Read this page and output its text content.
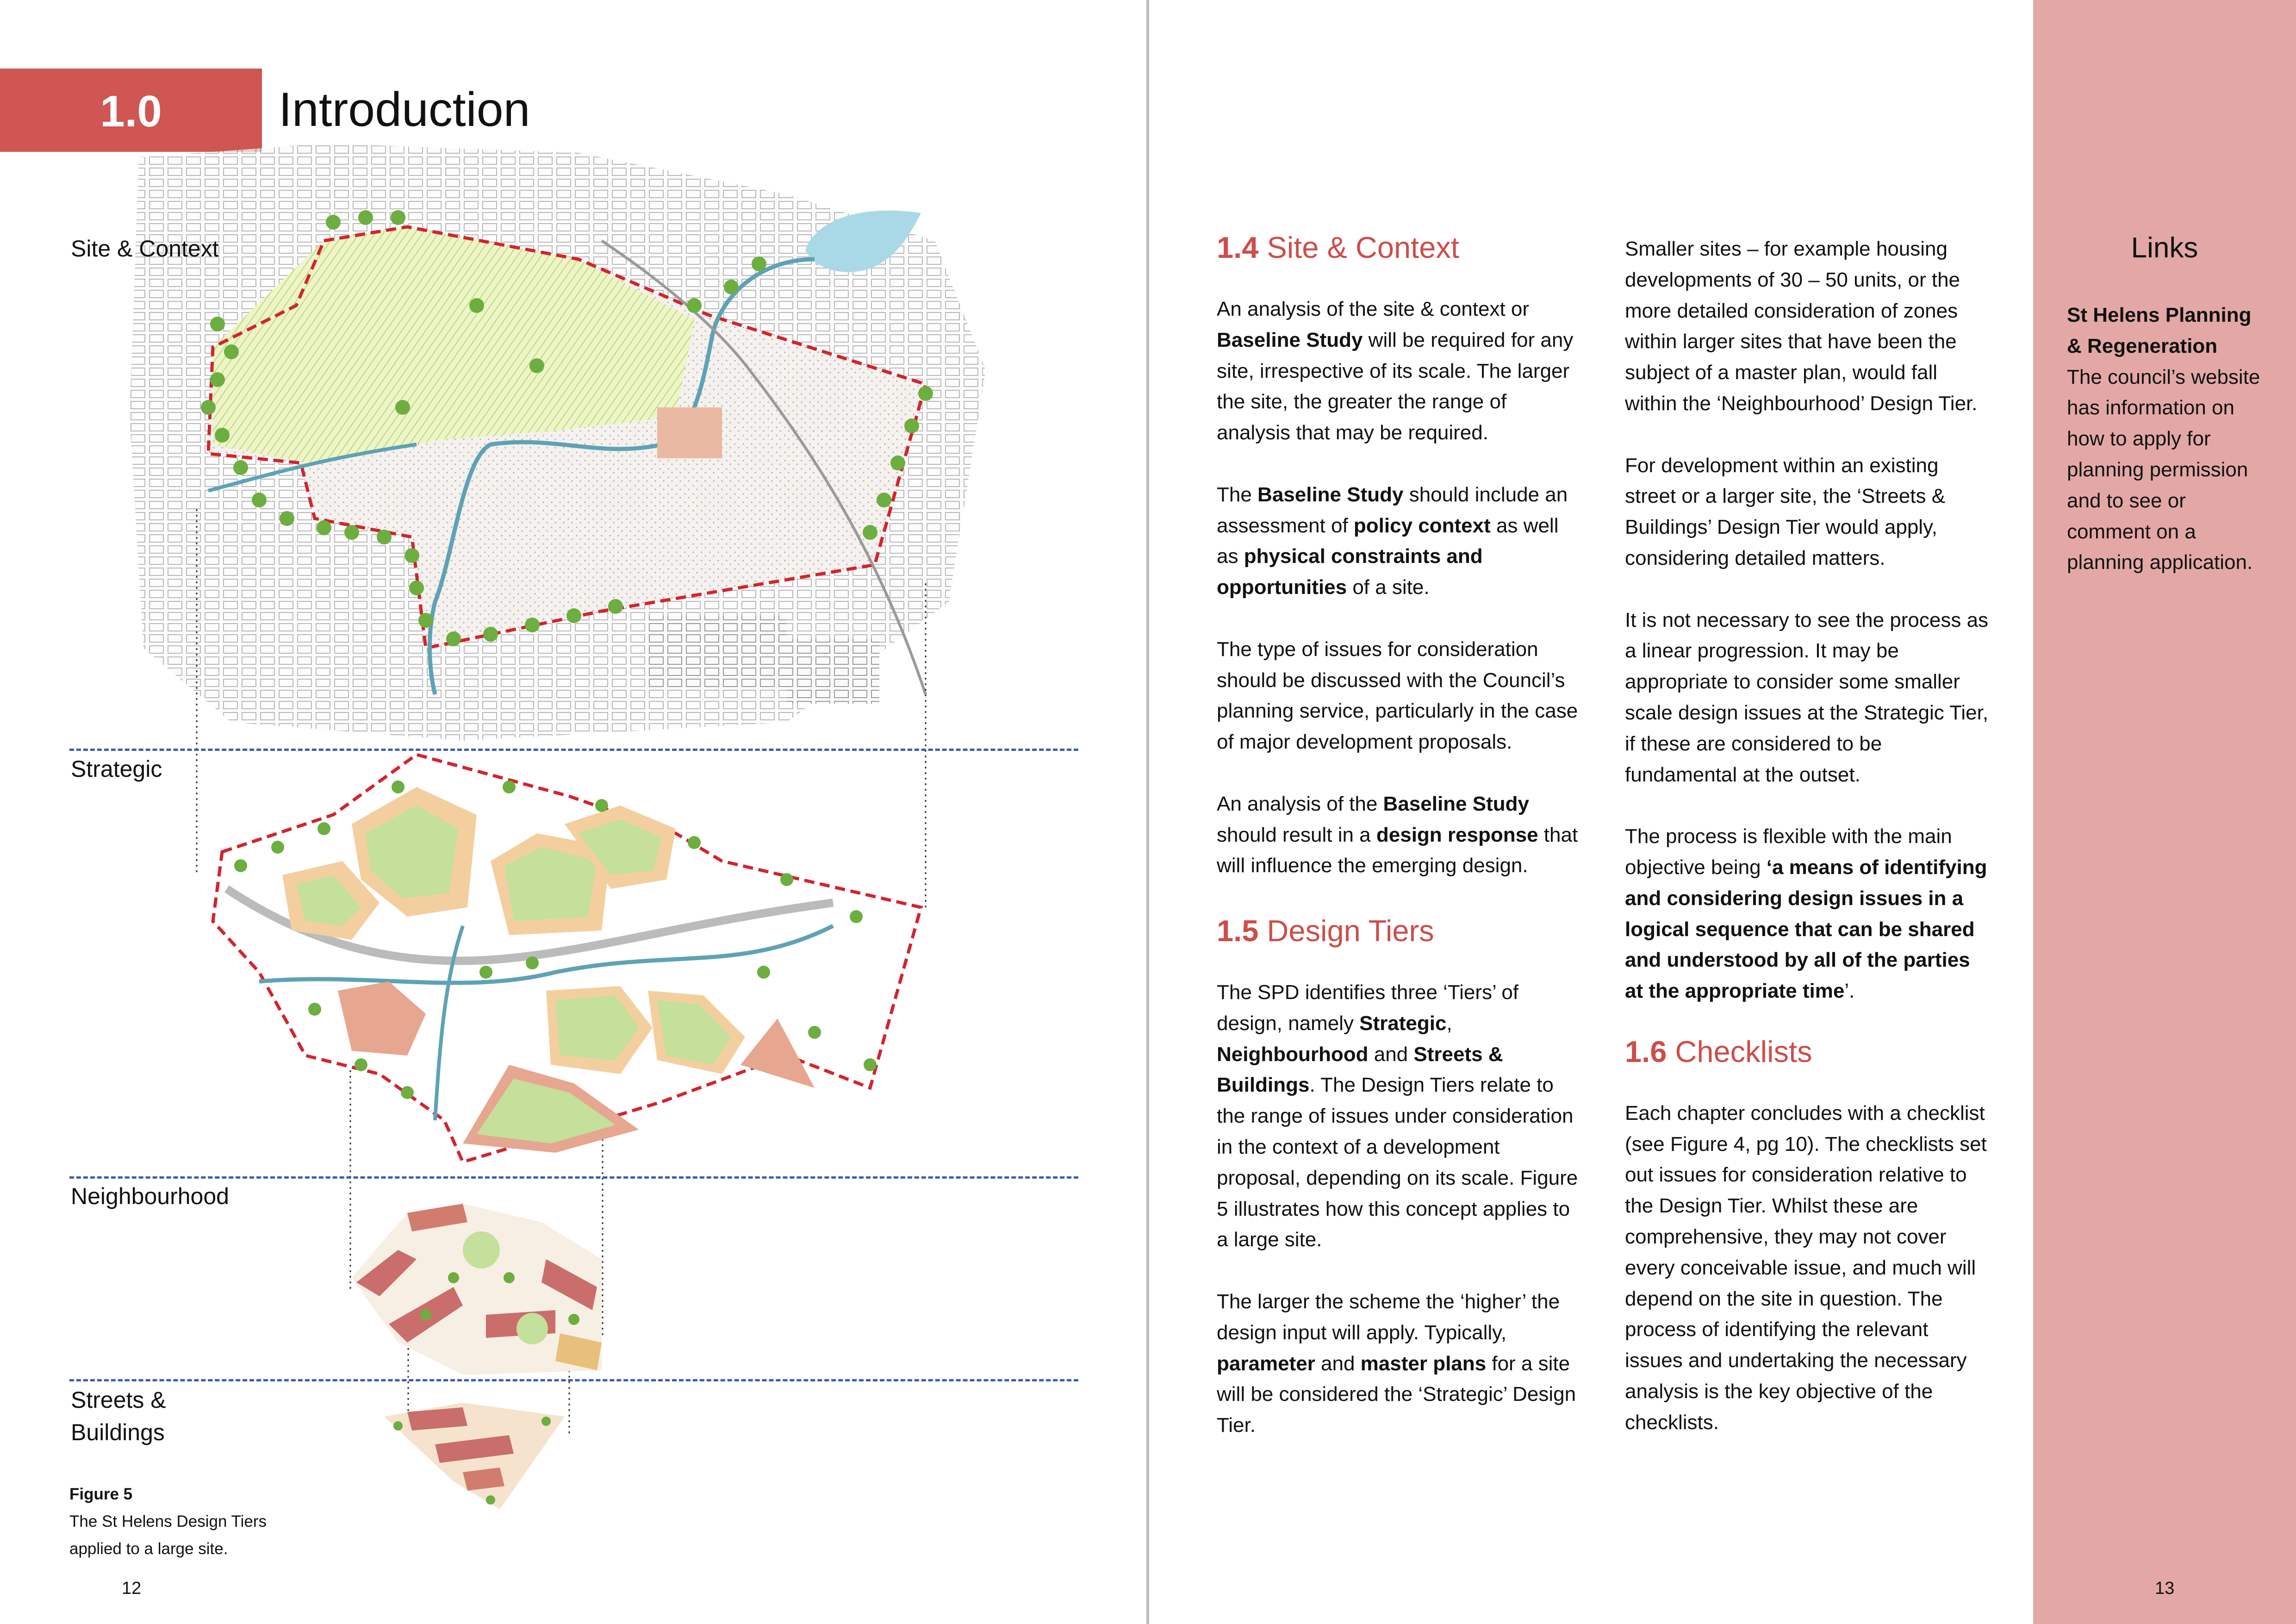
1.0	Introduction
Site & Context
Strategic
Neighbourhood
Streets &
Buildings
Figure 5
The St Helens Design Tiers
applied to a large site.
12	13
1.4 Site & Context

An analysis of the site & context or Baseline Study will be required for any site, irrespective of its scale. The larger the site, the greater the range of analysis that may be required.

The Baseline Study should include an assessment of policy context as well as physical constraints and opportunities of a site.

The type of issues for consideration should be discussed with the Council’s planning service, particularly in the case of major development proposals.

An analysis of the Baseline Study should result in a design response that will influence the emerging design.

1.5 Design Tiers

The SPD identifies three ‘Tiers’ of design, namely Strategic, Neighbourhood and Streets & Buildings. The Design Tiers relate to the range of issues under consideration in the context of a development proposal, depending on its scale. Figure 5 illustrates how this concept applies to a large site.

The larger the scheme the ‘higher’ the design input will apply. Typically, parameter and master plans for a site will be considered the ‘Strategic’ Design Tier.

Smaller sites – for example housing developments of 30 – 50 units, or the more detailed consideration of zones within larger sites that have been the subject of a master plan, would fall within the ‘Neighbourhood’ Design Tier.

For development within an existing street or a larger site, the ‘Streets & Buildings’ Design Tier would apply, considering detailed matters.

It is not necessary to see the process as a linear progression. It may be appropriate to consider some smaller scale design issues at the Strategic Tier, if these are considered to be fundamental at the outset.

The process is flexible with the main objective being ‘a means of identifying and considering design issues in a logical sequence that can be shared and understood by all of the parties at the appropriate time’.

1.6 Checklists

Each chapter concludes with a checklist (see Figure 4, pg 10). The checklists set out issues for consideration relative to the Design Tier. Whilst these are comprehensive, they may not cover every conceivable issue, and much will depend on the site in question. The process of identifying the relevant issues and undertaking the necessary analysis is the key objective of the checklists.

Links
St Helens Planning & Regeneration
The council’s website has information on how to apply for planning permission and to see or comment on a planning application.
